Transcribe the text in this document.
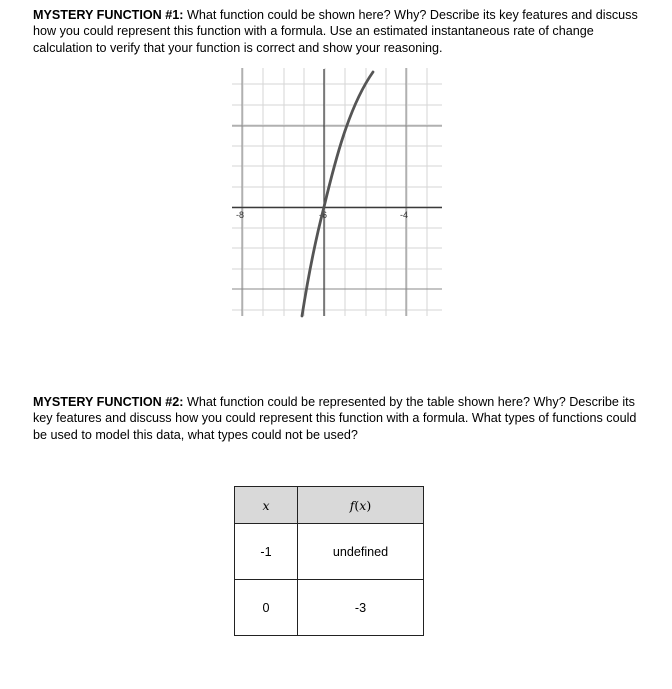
MYSTERY FUNCTION #1: What function could be shown here? Why? Describe its key features and discuss how you could represent this function with a formula. Use an estimated instantaneous rate of change calculation to verify that your function is correct and show your reasoning.
-8	-6	-4
MYSTERY FUNCTION #2: What function could be represented by the table shown here? Why? Describe its key features and discuss how you could represent this function with a formula. What types of functions could be used to model this data, what types could not be used?
x	f(x)
-1	undefined
0	-3
